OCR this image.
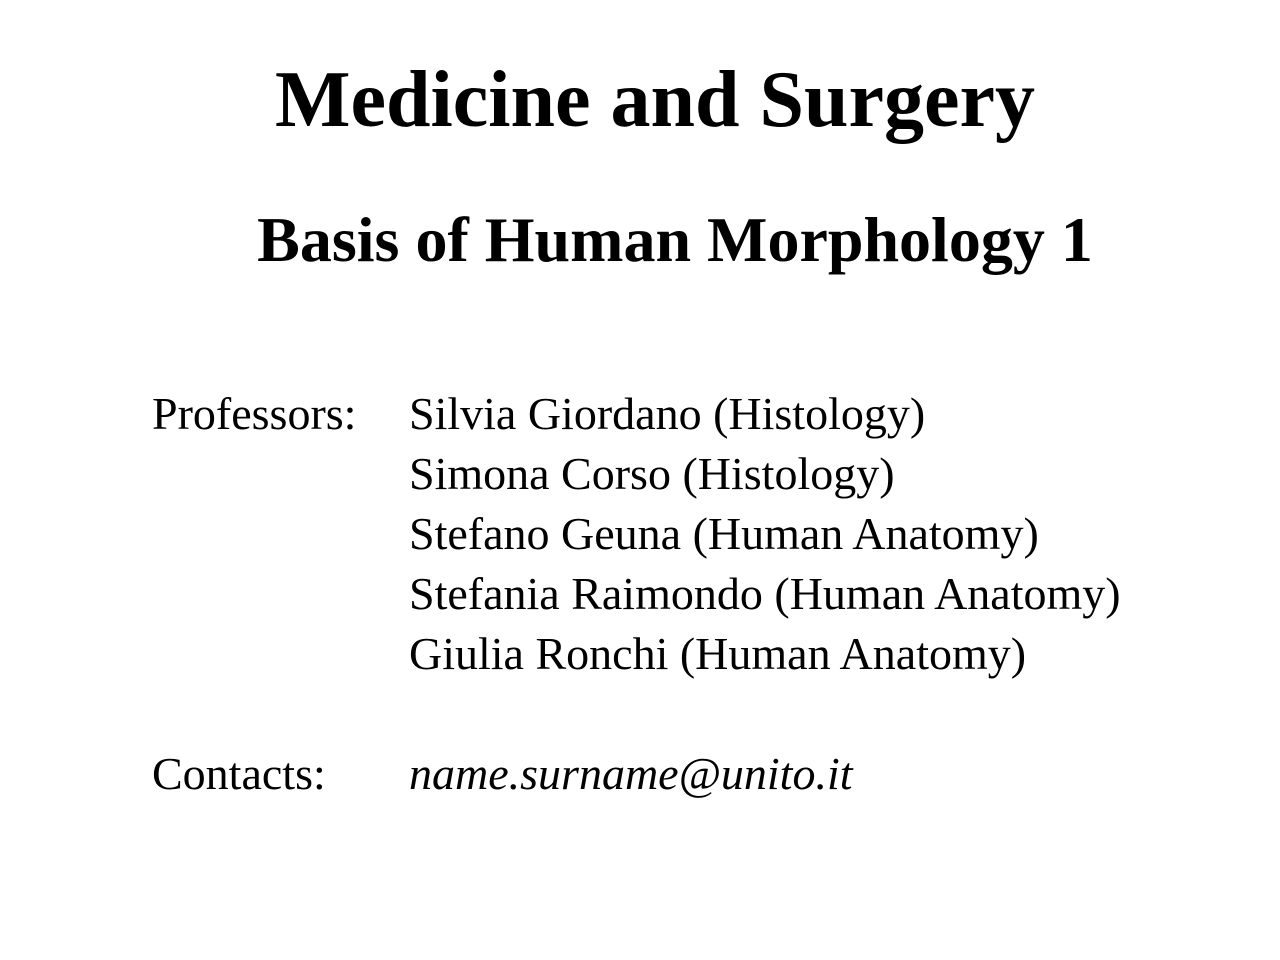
Medicine and Surgery
Basis of Human Morphology 1
Professors: Silvia Giordano (Histology)
Simona Corso (Histology)
Stefano Geuna (Human Anatomy)
Stefania Raimondo (Human Anatomy)
Giulia Ronchi (Human Anatomy)
Contacts: name.surname@unito.it
